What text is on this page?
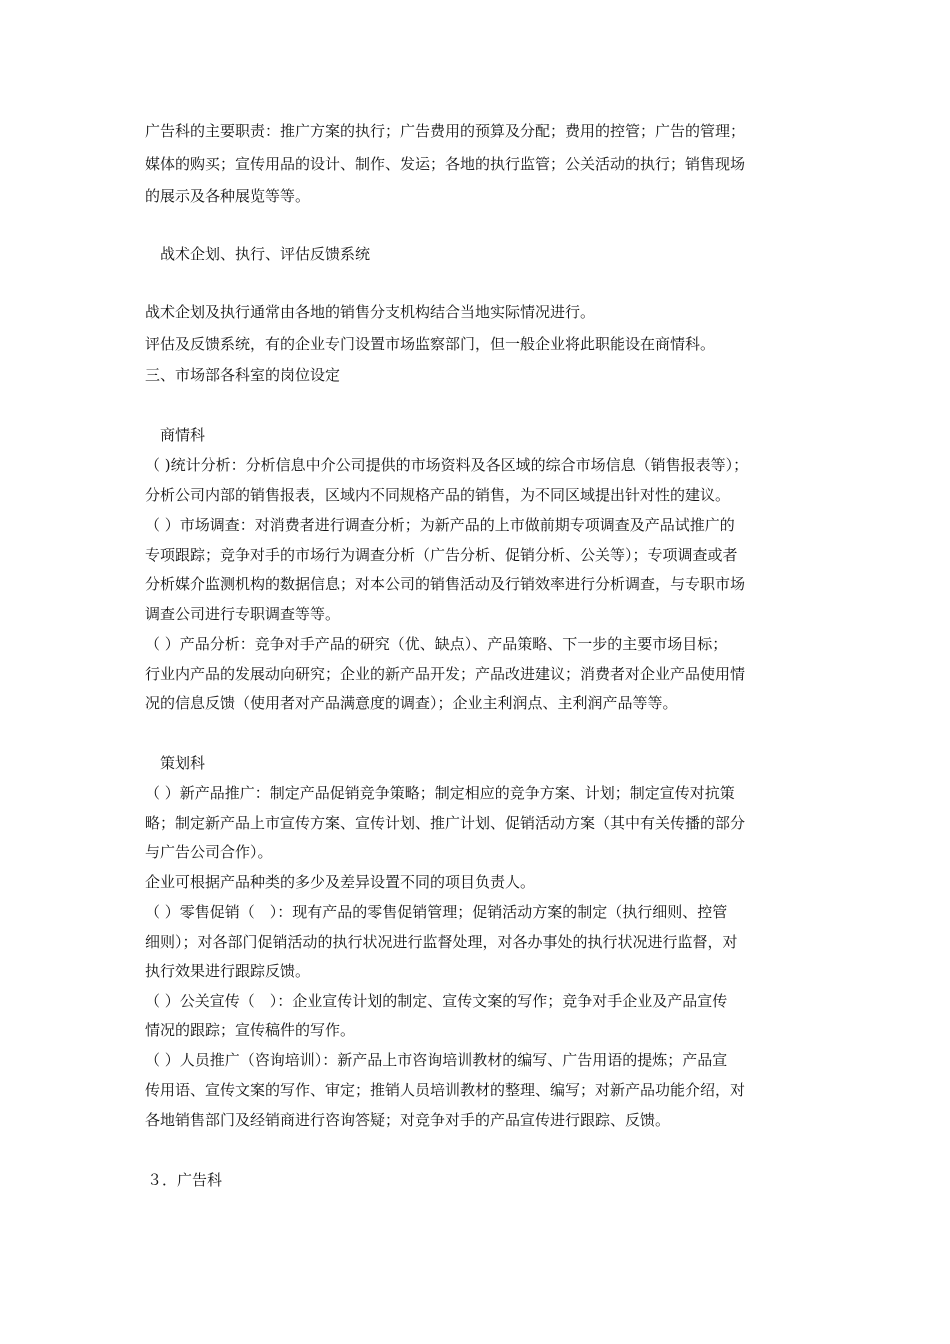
广告科的主要职责：推广方案的执行；广告费用的预算及分配；费用的控管；广告的管理；
媒体的购买；宣传用品的设计、制作、发运；各地的执行监管；公关活动的执行；销售现场
的展示及各种展览等等。
战术企划、执行、评估反馈系统
战术企划及执行通常由各地的销售分支机构结合当地实际情况进行。
评估及反馈系统，有的企业专门设置市场监察部门，但一般企业将此职能设在商情科。
三、市场部各科室的岗位设定
商情科
（ )统计分析：分析信息中介公司提供的市场资料及各区域的综合市场信息（销售报表等）；
分析公司内部的销售报表，区域内不同规格产品的销售，为不同区域提出针对性的建议。
（ ）市场调查：对消费者进行调查分析；为新产品的上市做前期专项调查及产品试推广的
专项跟踪；竞争对手的市场行为调查分析（广告分析、促销分析、公关等）；专项调查或者
分析媒介监测机构的数据信息；对本公司的销售活动及行销效率进行分析调查，与专职市场
调查公司进行专职调查等等。
（ ）产品分析：竞争对手产品的研究（优、缺点）、产品策略、下一步的主要市场目标；
行业内产品的发展动向研究；企业的新产品开发；产品改进建议；消费者对企业产品使用情
况的信息反馈（使用者对产品满意度的调查）；企业主利润点、主利润产品等等。
策划科
（ ）新产品推广：制定产品促销竞争策略；制定相应的竞争方案、计划；制定宣传对抗策
略；制定新产品上市宣传方案、宣传计划、推广计划、促销活动方案（其中有关传播的部分
与广告公司合作）。
企业可根据产品种类的多少及差异设置不同的项目负责人。
（ ）零售促销（　）：现有产品的零售促销管理；促销活动方案的制定（执行细则、控管
细则）；对各部门促销活动的执行状况进行监督处理，对各办事处的执行状况进行监督，对
执行效果进行跟踪反馈。
（ ）公关宣传（　）：企业宣传计划的制定、宣传文案的写作；竞争对手企业及产品宣传
情况的跟踪；宣传稿件的写作。
（ ）人员推广（咨询培训）：新产品上市咨询培训教材的编写、广告用语的提炼；产品宣
传用语、宣传文案的写作、审定；推销人员培训教材的整理、编写；对新产品功能介绍，对
各地销售部门及经销商进行咨询答疑；对竞争对手的产品宣传进行跟踪、反馈。
３．广告科
